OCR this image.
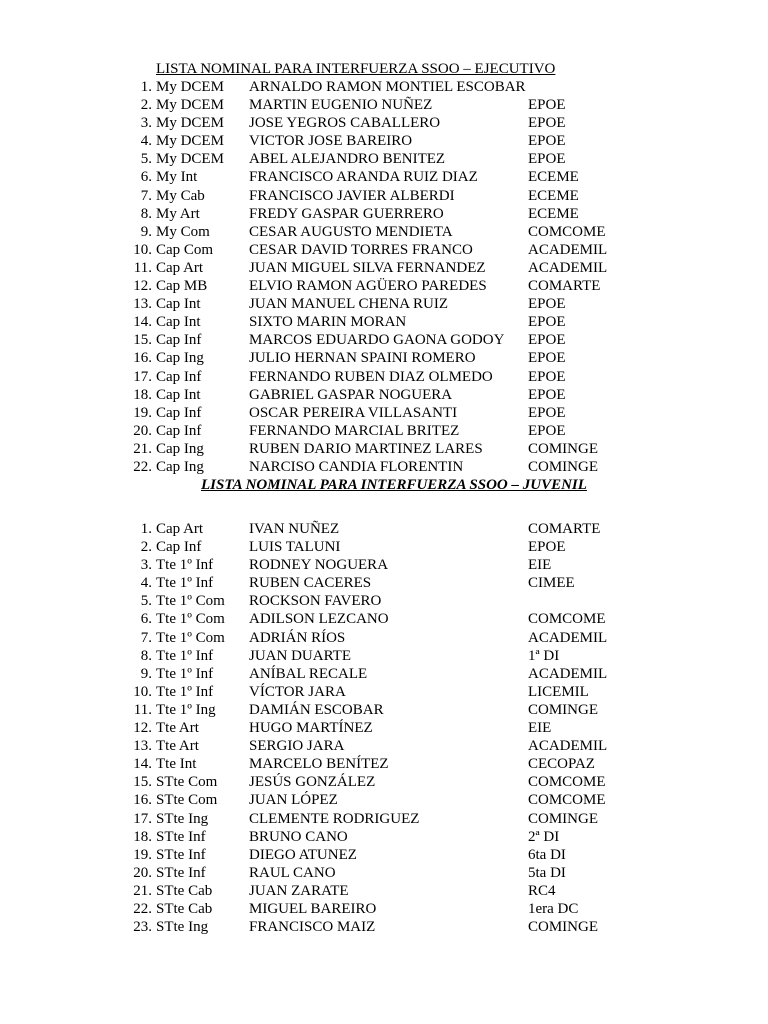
LISTA NOMINAL PARA INTERFUERZA SSOO – EJECUTIVO
1. My DCEM ARNALDO RAMON MONTIEL ESCOBAR
2. My DCEM MARTIN EUGENIO NUÑEZ	EPOE
3. My DCEM JOSE YEGROS CABALLERO	EPOE
4. My DCEM VICTOR JOSE BAREIRO	EPOE
5. My DCEM ABEL ALEJANDRO BENITEZ	EPOE
6. My Int	FRANCISCO ARANDA RUIZ DIAZ	ECEME
7. My Cab	FRANCISCO JAVIER ALBERDI	ECEME
8. My Art	FREDY GASPAR GUERRERO	ECEME
9. My Com	CESAR AUGUSTO MENDIETA	COMCOME
10. Cap Com CESAR DAVID TORRES FRANCO	ACADEMIL
11. Cap Art	JUAN MIGUEL SILVA FERNANDEZ	ACADEMIL
12. Cap MB	ELVIO RAMON AGÜERO PAREDES	COMARTE
13. Cap Int	JUAN MANUEL CHENA RUIZ	EPOE
14. Cap Int	SIXTO MARIN MORAN	EPOE
15. Cap Inf	MARCOS EDUARDO GAONA GODOY EPOE
16. Cap Ing	JULIO HERNAN SPAINI ROMERO	EPOE
17. Cap Inf	FERNANDO RUBEN DIAZ OLMEDO EPOE
18. Cap Int	GABRIEL GASPAR NOGUERA	EPOE
19. Cap Inf	OSCAR PEREIRA VILLASANTI	EPOE
20. Cap Inf	FERNANDO MARCIAL BRITEZ	EPOE
21. Cap Ing	RUBEN DARIO MARTINEZ LARES	COMINGE
22. Cap Ing	NARCISO CANDIA FLORENTIN	COMINGE
LISTA NOMINAL PARA INTERFUERZA SSOO – JUVENIL
1. Cap Art	IVAN NUÑEZ	COMARTE
2. Cap Inf	LUIS TALUNI	EPOE
3. Tte 1º Inf RODNEY NOGUERA	EIE
4. Tte 1º Inf RUBEN CACERES	CIMEE
5. Tte 1º Com ROCKSON FAVERO
6. Tte 1º Com ADILSON LEZCANO	COMCOME
7. Tte 1º Com ADRIÁN RÍOS	ACADEMIL
8. Tte 1º Inf JUAN DUARTE	1ª DI
9. Tte 1º Inf ANÍBAL RECALE	ACADEMIL
10. Tte 1º Inf VÍCTOR JARA	LICEMIL
11. Tte 1º Ing DAMIÁN ESCOBAR	COMINGE
12. Tte Art	HUGO MARTÍNEZ	EIE
13. Tte Art	SERGIO JARA	ACADEMIL
14. Tte Int	MARCELO BENÍTEZ	CECOPAZ
15. STte Com JESÚS GONZÁLEZ	COMCOME
16. STte Com JUAN LÓPEZ	COMCOME
17. STte Ing	CLEMENTE RODRIGUEZ	COMINGE
18. STte Inf	BRUNO CANO	2ª DI
19. STte Inf	DIEGO ATUNEZ	6ta DI
20. STte Inf	RAUL CANO	5ta DI
21. STte Cab JUAN ZARATE	RC4
22. STte Cab MIGUEL BAREIRO	1era DC
23. STte Ing	FRANCISCO MAIZ	COMINGE
